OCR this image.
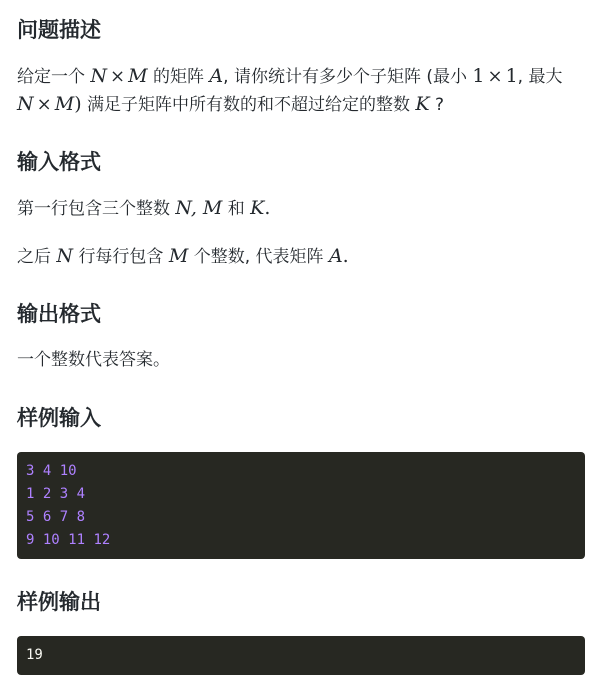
问题描述

给定一个 N × M 的矩阵 A, 请你统计有多少个子矩阵 (最小 1 × 1, 最大

N × M) 满足子矩阵中所有数的和不超过给定的整数 K ?

输入格式

第一行包含三个整数 N, M 和 K.

之后 N 行每行包含 M 个整数, 代表矩阵 A.

输出格式

一个整数代表答案。

样例输入
3 4 10
1 2 3 4
5 6 7 8
9 10 11 12
样例输出
19
